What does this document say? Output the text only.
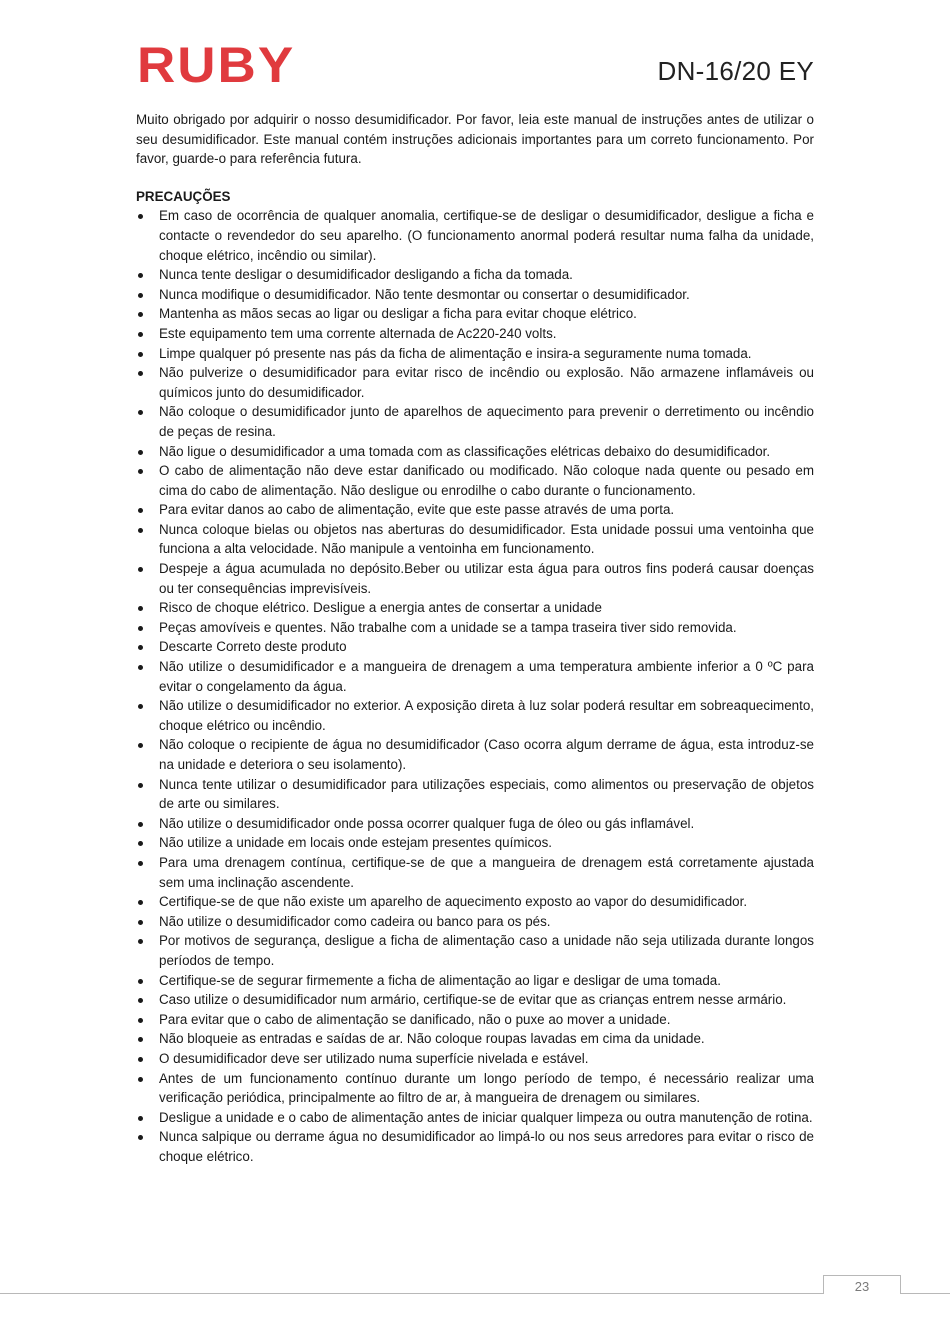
RUBY	DN-16/20 EY

Muito obrigado por adquirir o nosso desumidificador. Por favor, leia este manual de instruções antes de utilizar o seu desumidificador. Este manual contém instruções adicionais importantes para um correto funcionamento. Por favor, guarde-o para referência futura.

PRECAUÇÕES
Em caso de ocorrência de qualquer anomalia, certifique-se de desligar o desumidificador, desligue a ficha e contacte o revendedor do seu aparelho. (O funcionamento anormal poderá resultar numa falha da unidade, choque elétrico, incêndio ou similar).
Nunca tente desligar o desumidificador desligando a ficha da tomada.
Nunca modifique o desumidificador. Não tente desmontar ou consertar o desumidificador.
Mantenha as mãos secas ao ligar ou desligar a ficha para evitar choque elétrico.
Este equipamento tem uma corrente alternada de Ac220-240 volts.
Limpe qualquer pó presente nas pás da ficha de alimentação e insira-a seguramente numa tomada.
Não pulverize o desumidificador para evitar risco de incêndio ou explosão. Não armazene inflamáveis ou químicos junto do desumidificador.
Não coloque o desumidificador junto de aparelhos de aquecimento para prevenir o derretimento ou incêndio de peças de resina.
Não ligue o desumidificador a uma tomada com as classificações elétricas debaixo do desumidificador.
O cabo de alimentação não deve estar danificado ou modificado. Não coloque nada quente ou pesado em cima do cabo de alimentação. Não desligue ou enrodilhe o cabo durante o funcionamento.
Para evitar danos ao cabo de alimentação, evite que este passe através de uma porta.
Nunca coloque bielas ou objetos nas aberturas do desumidificador. Esta unidade possui uma ventoinha que funciona a alta velocidade. Não manipule a ventoinha em funcionamento.
Despeje a água acumulada no depósito.Beber ou utilizar esta água para outros fins poderá causar doenças ou ter consequências imprevisíveis.
Risco de choque elétrico. Desligue a energia antes de consertar a unidade
Peças amovíveis e quentes. Não trabalhe com a unidade se a tampa traseira tiver sido removida.
Descarte Correto deste produto
Não utilize o desumidificador e a mangueira de drenagem a uma temperatura ambiente inferior a 0 ºC para evitar o congelamento da água.
Não utilize o desumidificador no exterior. A exposição direta à luz solar poderá resultar em sobreaquecimento, choque elétrico ou incêndio.
Não coloque o recipiente de água no desumidificador (Caso ocorra algum derrame de água, esta introduz-se na unidade e deteriora o seu isolamento).
Nunca tente utilizar o desumidificador para utilizações especiais, como alimentos ou preservação de objetos de arte ou similares.
Não utilize o desumidificador onde possa ocorrer qualquer fuga de óleo ou gás inflamável.
Não utilize a unidade em locais onde estejam presentes químicos.
Para uma drenagem contínua, certifique-se de que a mangueira de drenagem está corretamente ajustada sem uma inclinação ascendente.
Certifique-se de que não existe um aparelho de aquecimento exposto ao vapor do desumidificador.
Não utilize o desumidificador como cadeira ou banco para os pés.
Por motivos de segurança, desligue a ficha de alimentação caso a unidade não seja utilizada durante longos períodos de tempo.
Certifique-se de segurar firmemente a ficha de alimentação ao ligar e desligar de uma tomada.
Caso utilize o desumidificador num armário, certifique-se de evitar que as crianças entrem nesse armário.
Para evitar que o cabo de alimentação se danificado, não o puxe ao mover a unidade.
Não bloqueie as entradas e saídas de ar. Não coloque roupas lavadas em cima da unidade.
O desumidificador deve ser utilizado numa superfície nivelada e estável.
Antes de um funcionamento contínuo durante um longo período de tempo, é necessário realizar uma verificação periódica, principalmente ao filtro de ar, à mangueira de drenagem ou similares.
Desligue a unidade e o cabo de alimentação antes de iniciar qualquer limpeza ou outra manutenção de rotina.
Nunca salpique ou derrame água no desumidificador ao limpá-lo ou nos seus arredores para evitar o risco de choque elétrico.
23
